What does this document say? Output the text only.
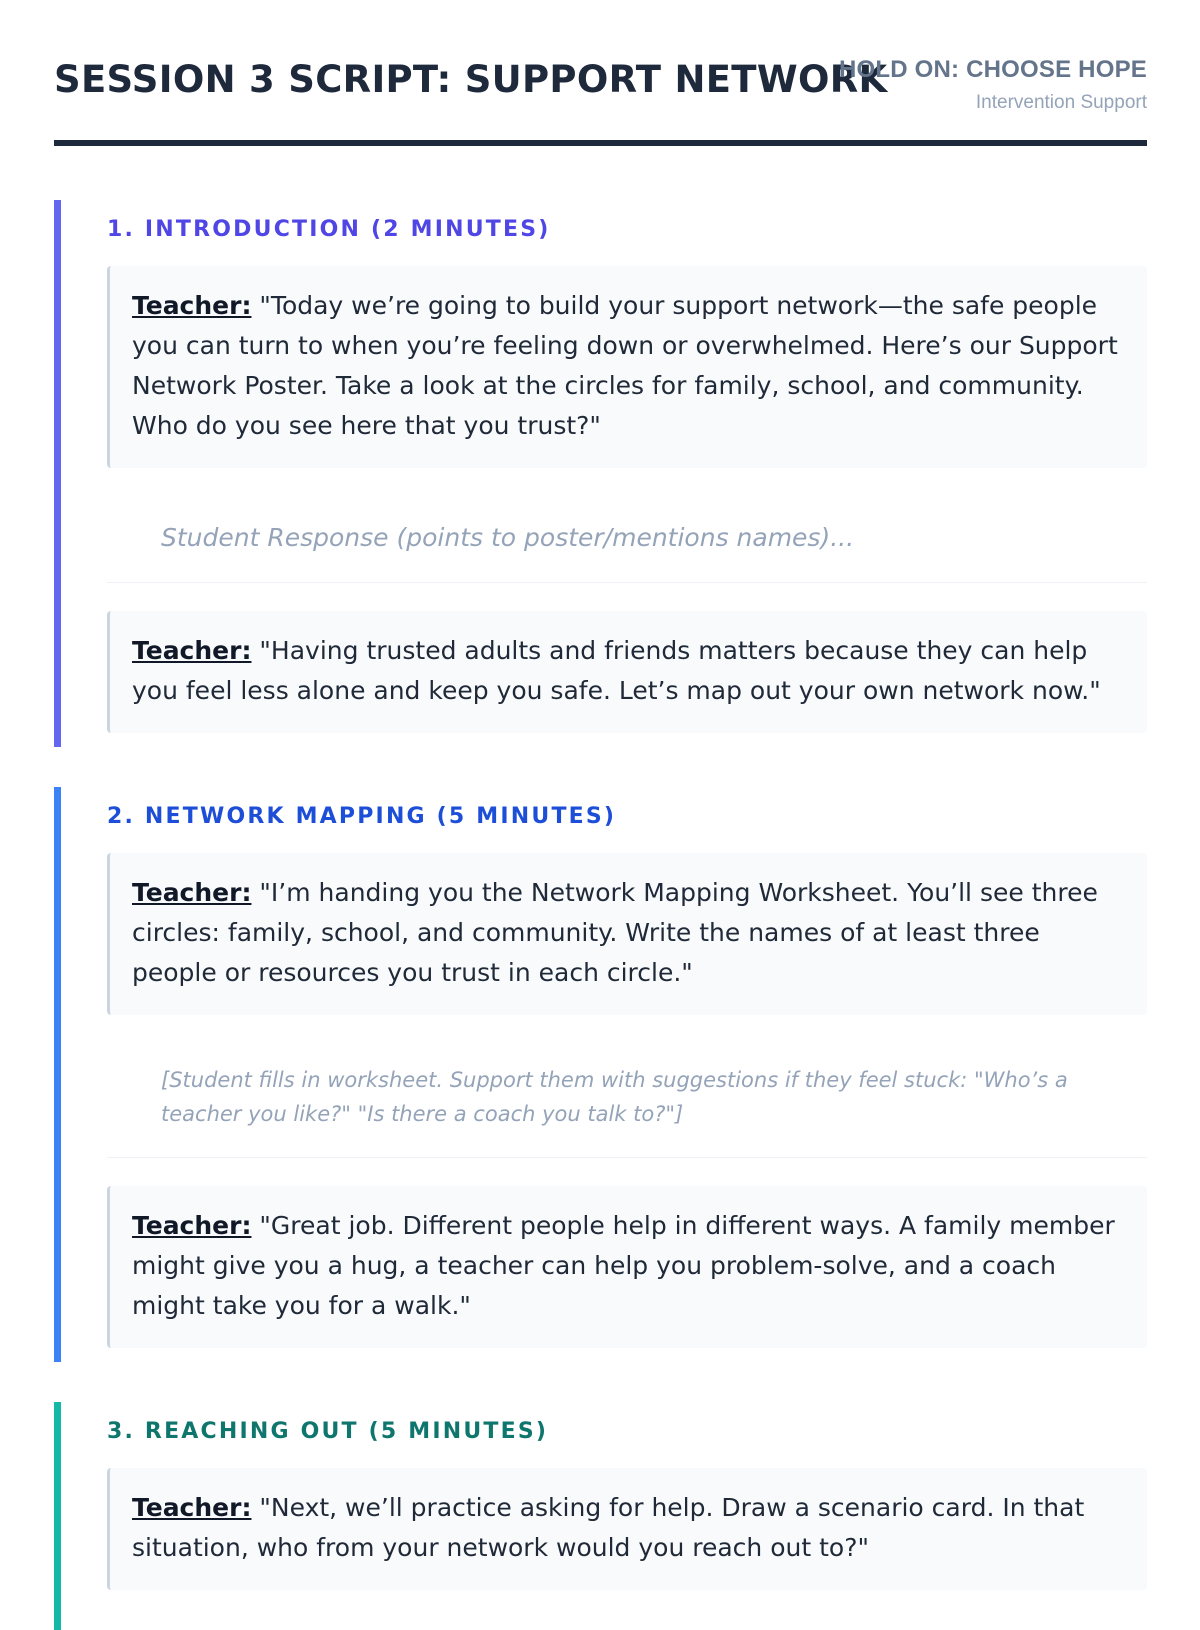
SESSION 3 SCRIPT: SUPPORT NETWORK
HOLD ON: CHOOSE HOPE
Intervention Support
1. INTRODUCTION (2 MINUTES)
Teacher: "Today we’re going to build your support network—the safe people you can turn to when you’re feeling down or overwhelmed. Here’s our Support Network Poster. Take a look at the circles for family, school, and community. Who do you see here that you trust?"
Student Response (points to poster/mentions names)...
Teacher: "Having trusted adults and friends matters because they can help you feel less alone and keep you safe. Let’s map out your own network now."
2. NETWORK MAPPING (5 MINUTES)
Teacher: "I’m handing you the Network Mapping Worksheet. You’ll see three circles: family, school, and community. Write the names of at least three people or resources you trust in each circle."
[Student fills in worksheet. Support them with suggestions if they feel stuck: "Who’s a teacher you like?" "Is there a coach you talk to?"]
Teacher: "Great job. Different people help in different ways. A family member might give you a hug, a teacher can help you problem-solve, and a coach might take you for a walk."
3. REACHING OUT (5 MINUTES)
Teacher: "Next, we’ll practice asking for help. Draw a scenario card. In that situation, who from your network would you reach out to?"
